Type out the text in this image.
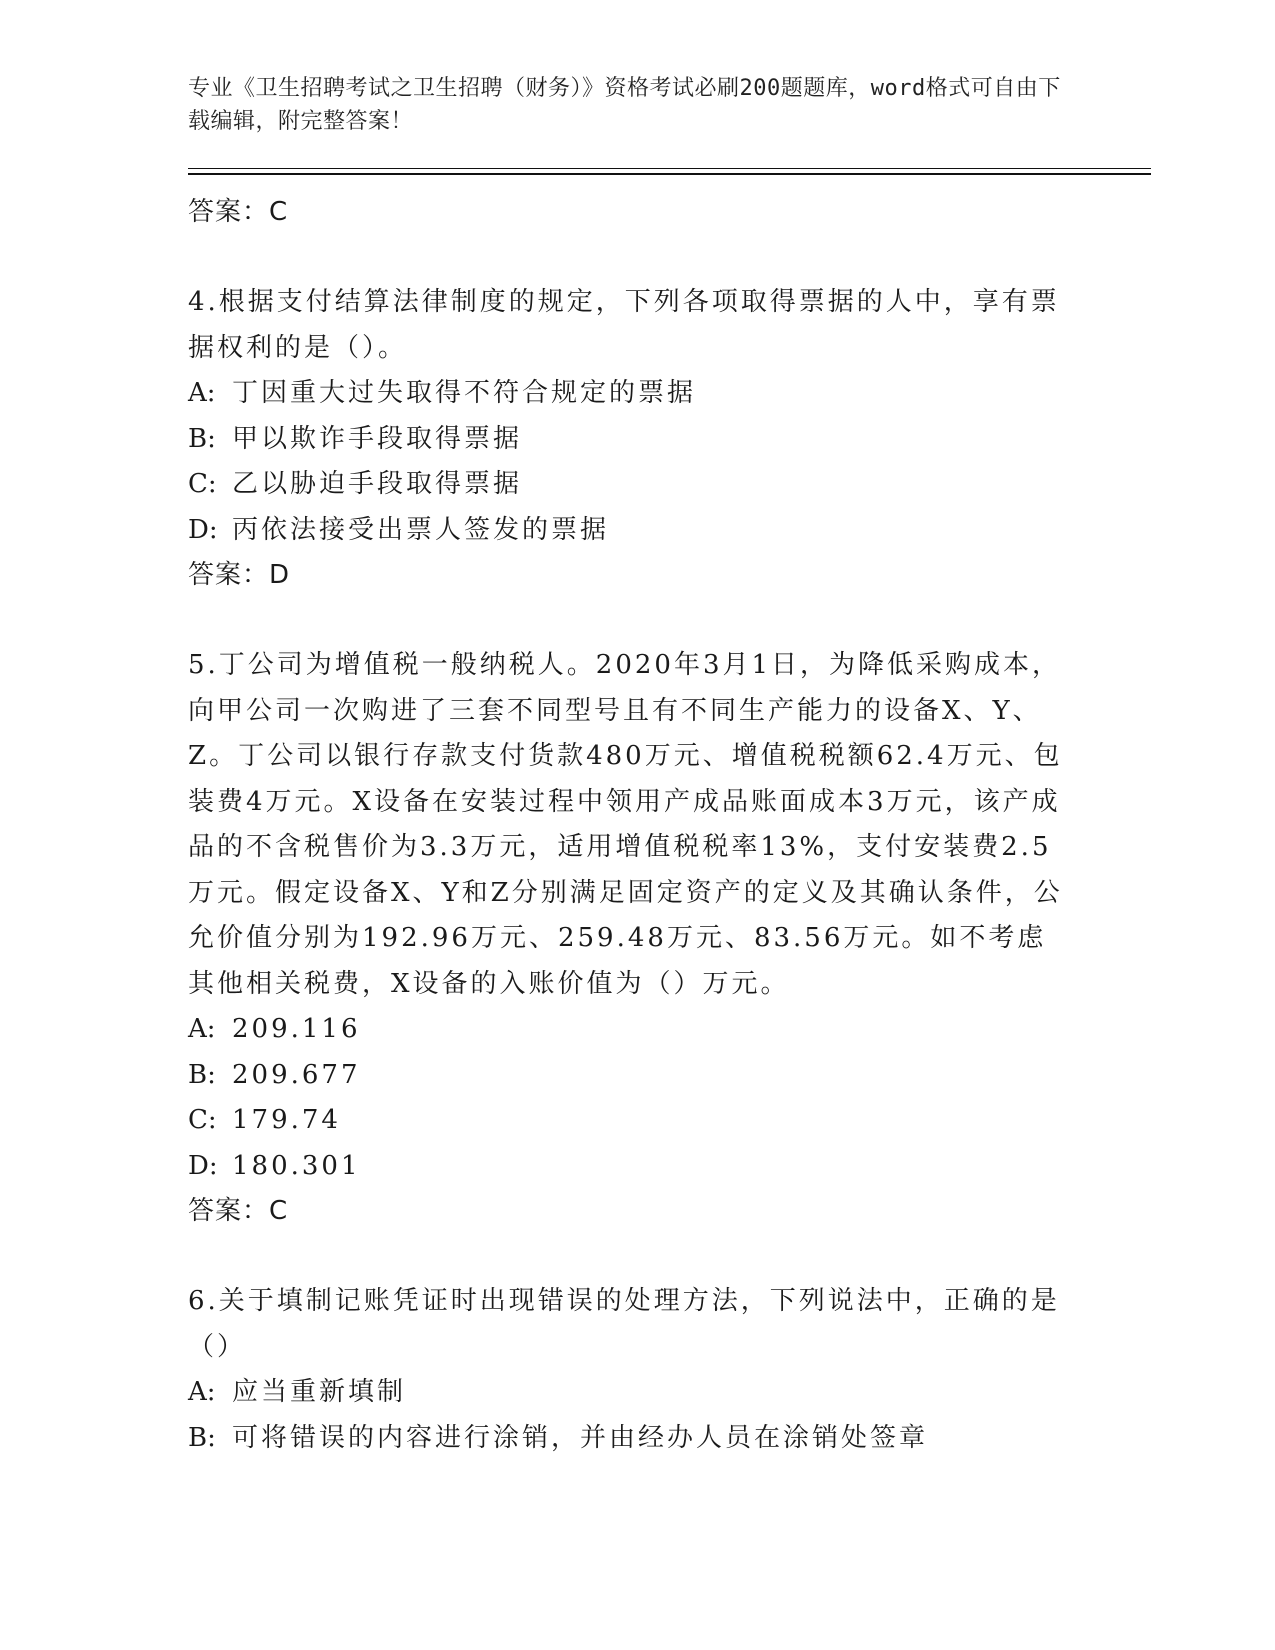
专业《卫生招聘考试之卫生招聘（财务）》资格考试必刷200题题库，word格式可自由下载编辑，附完整答案！
答案：C

4.根据支付结算法律制度的规定，下列各项取得票据的人中，享有票据权利的是（）。

A: 丁因重大过失取得不符合规定的票据
B: 甲以欺诈手段取得票据
C: 乙以胁迫手段取得票据
D: 丙依法接受出票人签发的票据
答案：D

5.丁公司为增值税一般纳税人。2020年3月1日，为降低采购成本，向甲公司一次购进了三套不同型号且有不同生产能力的设备X、Y、Z。丁公司以银行存款支付货款480万元、增值税税额62.4万元、包装费4万元。X设备在安装过程中领用产成品账面成本3万元，该产成品的不含税售价为3.3万元，适用增值税税率13%，支付安装费2.5万元。假定设备X、Y和Z分别满足固定资产的定义及其确认条件，公允价值分别为192.96万元、259.48万元、83.56万元。如不考虑其他相关税费，X设备的入账价值为（）万元。

A: 209.116
B: 209.677
C: 179.74
D: 180.301
答案：C

6.关于填制记账凭证时出现错误的处理方法，下列说法中，正确的是（）

A: 应当重新填制
B: 可将错误的内容进行涂销，并由经办人员在涂销处签章
